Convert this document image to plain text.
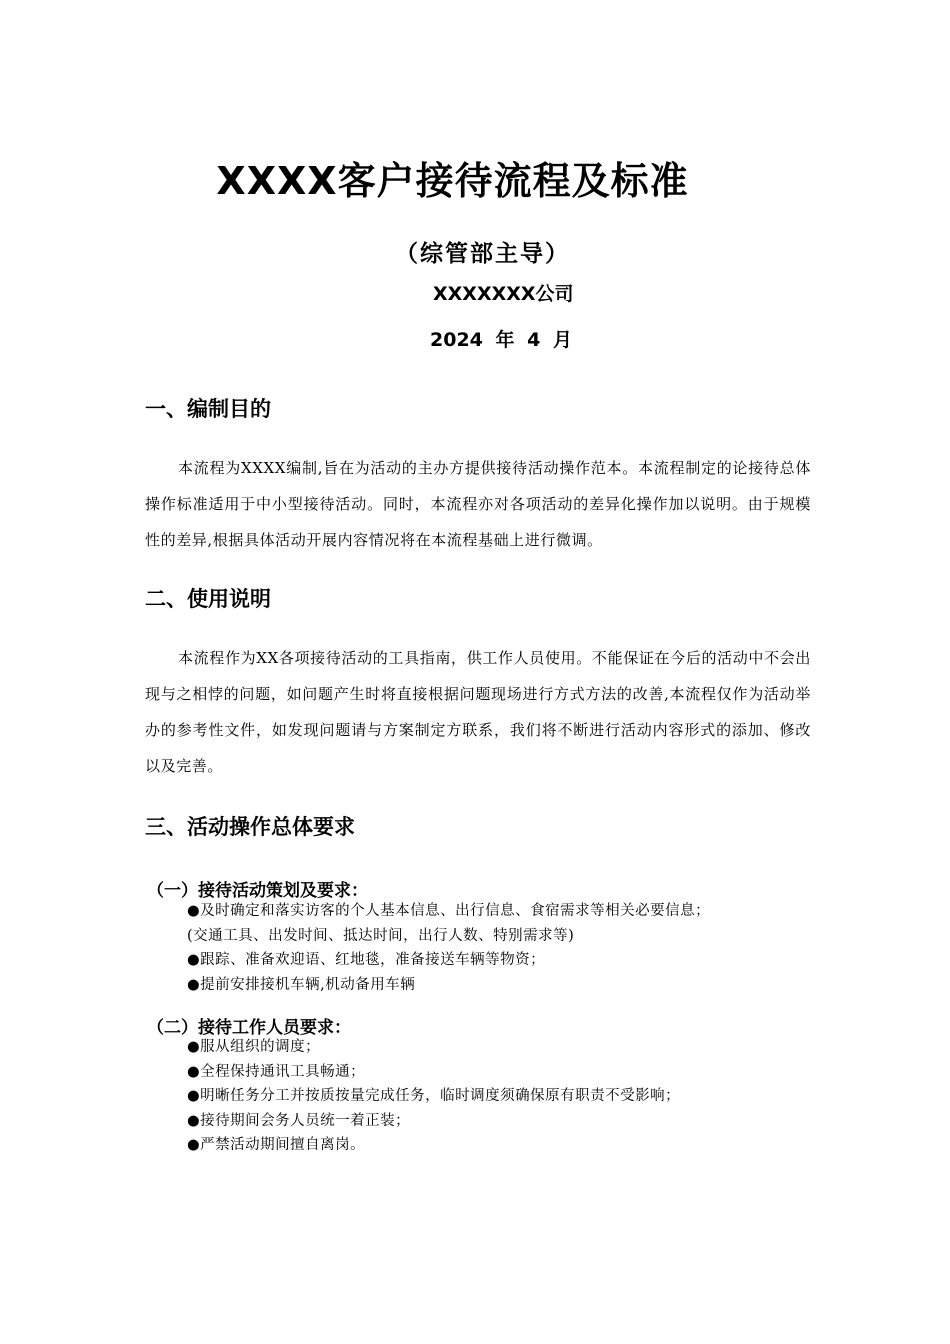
XXXX客户接待流程及标准
（综管部主导）
XXXXXXX公司
2024 年 4 月
一、编制目的
本流程为XXXX编制,旨在为活动的主办方提供接待活动操作范本。本流程制定的论接待总体操作标准适用于中小型接待活动。同时，本流程亦对各项活动的差异化操作加以说明。由于规模性的差异,根据具体活动开展内容情况将在本流程基础上进行微调。
二、使用说明
本流程作为XX各项接待活动的工具指南，供工作人员使用。不能保证在今后的活动中不会出现与之相悖的问题，如问题产生时将直接根据问题现场进行方式方法的改善,本流程仅作为活动举办的参考性文件，如发现问题请与方案制定方联系，我们将不断进行活动内容形式的添加、修改以及完善。
三、活动操作总体要求
（一）接待活动策划及要求：
●及时确定和落实访客的个人基本信息、出行信息、食宿需求等相关必要信息；
(交通工具、出发时间、抵达时间，出行人数、特别需求等)
●跟踪、准备欢迎语、红地毯，准备接送车辆等物资；
●提前安排接机车辆,机动备用车辆
（二）接待工作人员要求：
●服从组织的调度；
●全程保持通讯工具畅通；
●明晰任务分工并按质按量完成任务，临时调度须确保原有职责不受影响；
●接待期间会务人员统一着正装；
●严禁活动期间擅自离岗。
